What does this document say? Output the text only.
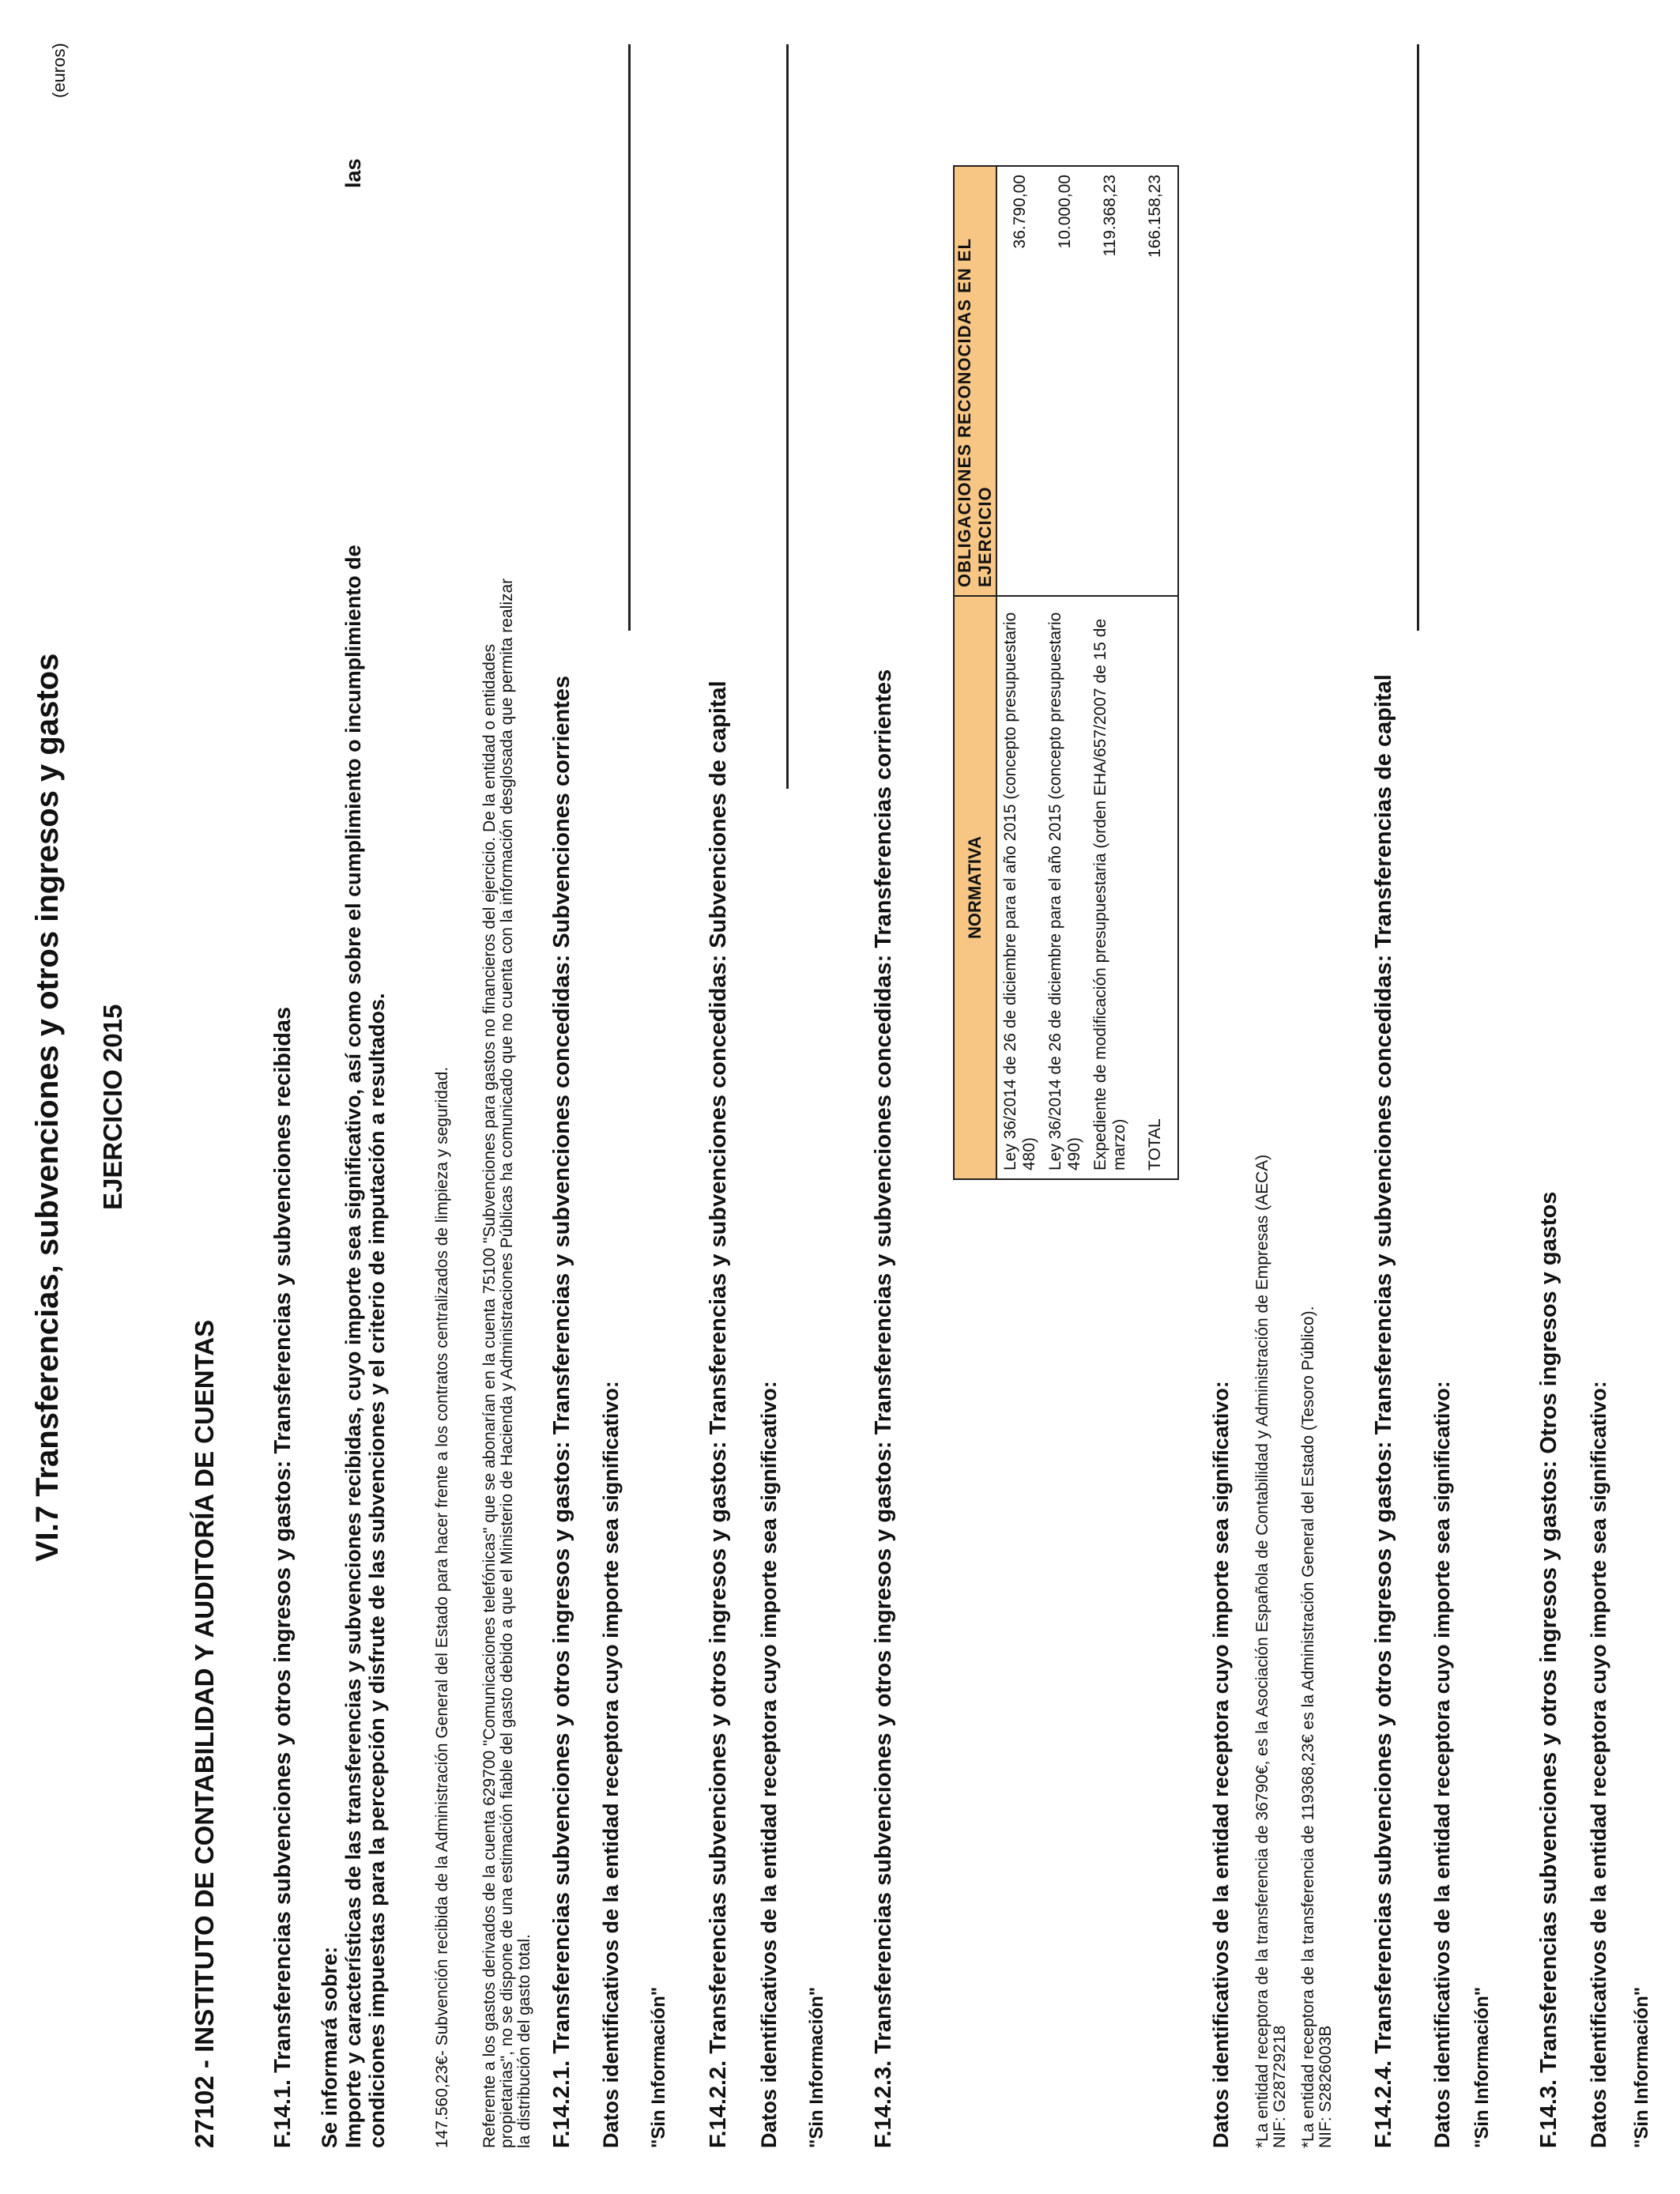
VI.7 Transferencias, subvenciones y otros ingresos y gastos
(euros)
EJERCICIO 2015
27102 - INSTITUTO DE CONTABILIDAD Y AUDITORÍA DE CUENTAS F.14.1. Transferencias subvenciones y otros ingresos y gastos: Transferencias y subvenciones recibidas Se informará sobre: Importe y características de las transferencias y subvenciones recibidas, cuyo importe sea significativo, así como sobre el cumplimiento o incumplimiento de
las
condiciones impuestas para la percepción y disfrute de las subvenciones y el criterio de imputación a resultados.	147.560,23€- Subvención recibida de la Administración General del Estado para hacer frente a los contratos centralizados de limpieza y seguridad. Referente a los gastos derivados de la cuenta 629700 "Comunicaciones telefónicas" que se abonarían en la cuenta 75100 "Subvenciones para gastos no financieros del ejercicio. De la entidad o entidades propietarias", no se dispone de una estimación fiable del gasto debido a que el Ministerio de Hacienda y Administraciones Públicas ha comunicado que no cuenta con la información desglosada que permita realizar la distribución del gasto total. F.14.2.1. Transferencias subvenciones y otros ingresos y gastos: Transferencias y subvenciones concedidas: Subvenciones corrientes Datos identificativos de la entidad receptora cuyo importe sea significativo: "Sin Información" F.14.2.2. Transferencias subvenciones y otros ingresos y gastos: Transferencias y subvenciones concedidas: Subvenciones de capital Datos identificativos de la entidad receptora cuyo importe sea significativo: "Sin Información" F.14.2.3. Transferencias subvenciones y otros ingresos y gastos: Transferencias y subvenciones concedidas: Transferencias corrientes	NORMATIVA	OBLIGACIONES RECONOCIDAS EN EL EJERCICIO
Ley 36/2014 de 26 de diciembre para el año 2015 (concepto presupuestario 480)	36.790,00
Ley 36/2014 de 26 de diciembre para el año 2015 (concepto presupuestario 490)	10.000,00
Expediente de modificación presupuestaria (orden EHA/657/2007 de 15 de marzo)	119.368,23
TOTAL	166.158,23
Datos identificativos de la entidad receptora cuyo importe sea significativo: *La entidad receptora de la transferencia de 36790€, es la Asociación Española de Contabilidad y Administración de Empresas (AECA) NIF: G28729218 *La entidad receptora de la transferencia de 119368,23€ es la Administración General del Estado (Tesoro Público). NIF: S2826003B F.14.2.4. Transferencias subvenciones y otros ingresos y gastos: Transferencias y subvenciones concedidas: Transferencias de capital Datos identificativos de la entidad receptora cuyo importe sea significativo: "Sin Información" F.14.3. Transferencias subvenciones y otros ingresos y gastos: Otros ingresos y gastos Datos identificativos de la entidad receptora cuyo importe sea significativo: "Sin Información"
